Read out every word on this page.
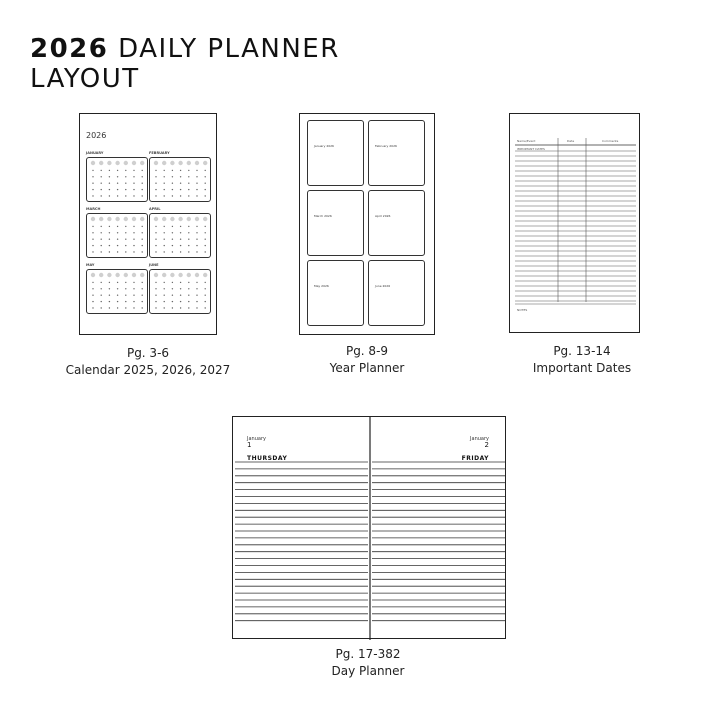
2026 DAILY PLANNER
LAYOUT
2026
JANUARY	FEBRUARY
MARCH	APRIL
MAY	JUNE
Pg. 3-6
Calendar 2025, 2026, 2027
January 2026	February 2026
March 2026	April 2026
May 2026	June 2026
Pg. 8-9
Year Planner
Name/Event	Date	Comments
IMPORTANT DATES
NOTES
Pg. 13-14
Important Dates
January
1
THURSDAY
January
2
FRIDAY
Pg. 17-382
Day Planner
